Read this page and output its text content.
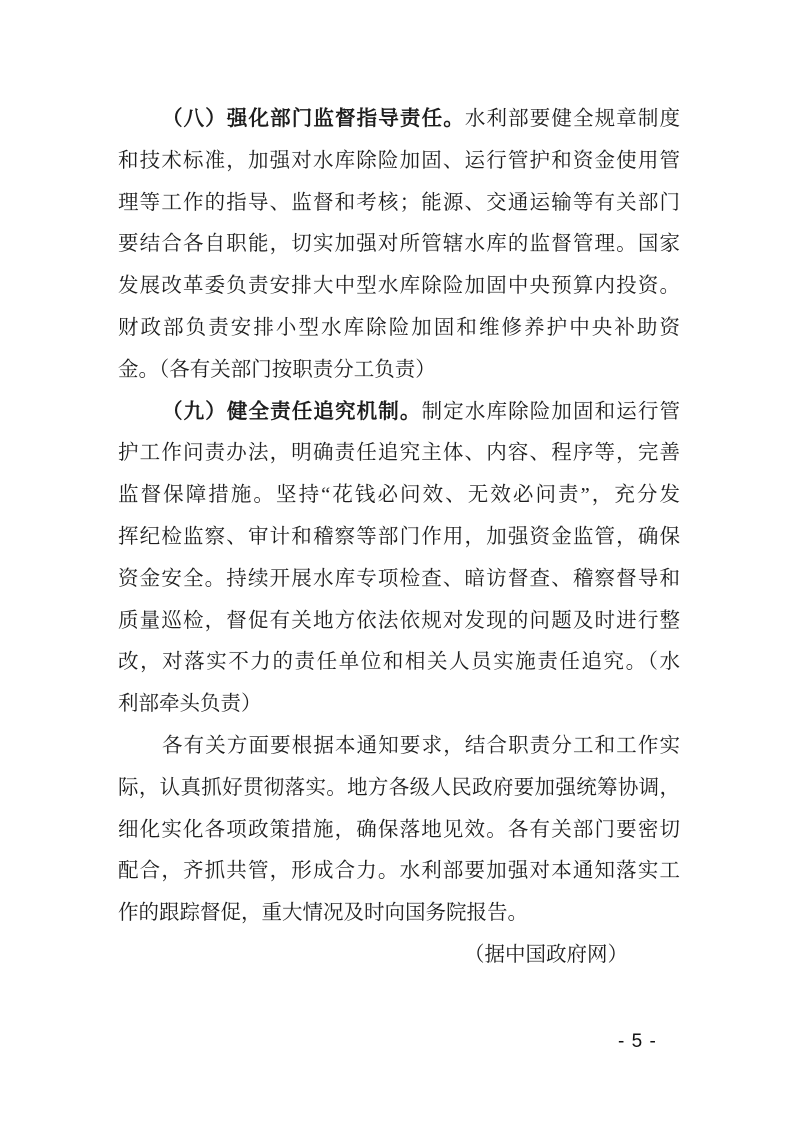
（八）强化部门监督指导责任。水利部要健全规章制度
和技术标准，加强对水库除险加固、运行管护和资金使用管
理等工作的指导、监督和考核；能源、交通运输等有关部门
要结合各自职能，切实加强对所管辖水库的监督管理。国家
发展改革委负责安排大中型水库除险加固中央预算内投资。
财政部负责安排小型水库除险加固和维修养护中央补助资
金。（各有关部门按职责分工负责）
（九）健全责任追究机制。制定水库除险加固和运行管
护工作问责办法，明确责任追究主体、内容、程序等，完善
监督保障措施。坚持“花钱必问效、无效必问责”，充分发
挥纪检监察、审计和稽察等部门作用，加强资金监管，确保
资金安全。持续开展水库专项检查、暗访督查、稽察督导和
质量巡检，督促有关地方依法依规对发现的问题及时进行整
改，对落实不力的责任单位和相关人员实施责任追究。（水
利部牵头负责）
各有关方面要根据本通知要求，结合职责分工和工作实
际，认真抓好贯彻落实。地方各级人民政府要加强统筹协调，
细化实化各项政策措施，确保落地见效。各有关部门要密切
配合，齐抓共管，形成合力。水利部要加强对本通知落实工
作的跟踪督促，重大情况及时向国务院报告。
（据中国政府网）
- 5 -
